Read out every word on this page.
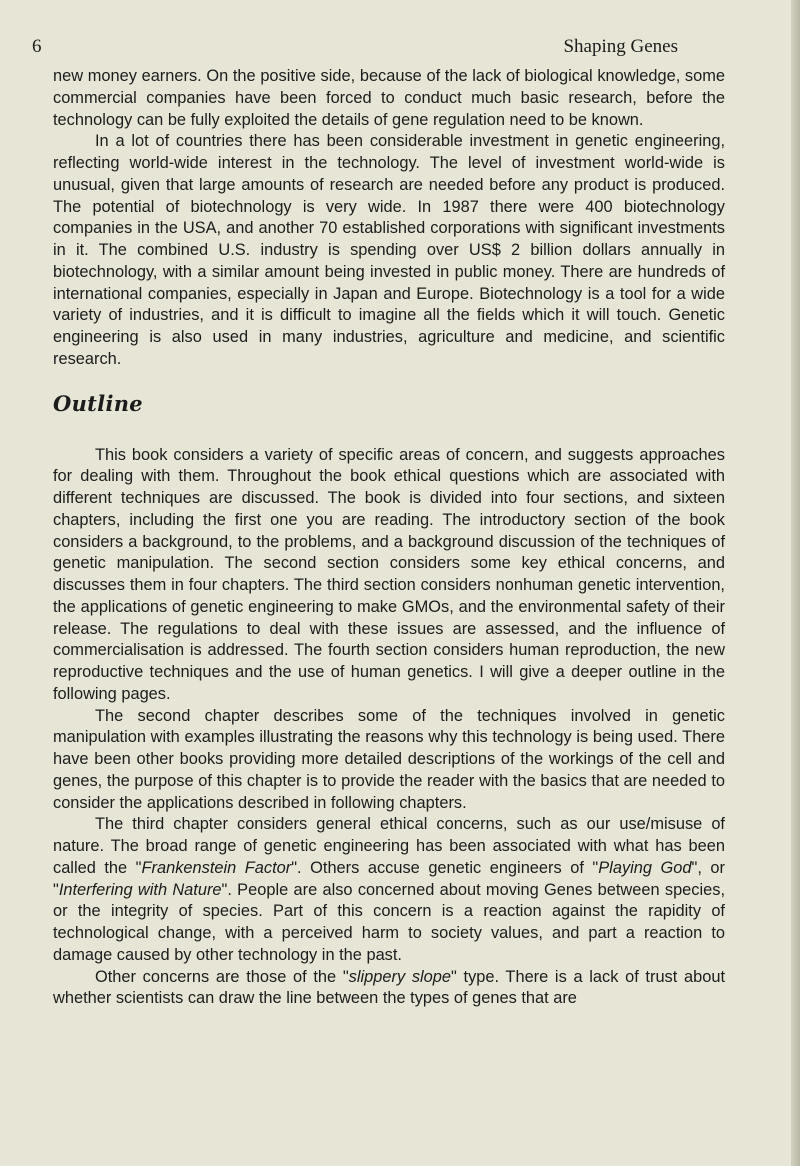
6	Shaping Genes

new money earners. On the positive side, because of the lack of biological knowledge, some commercial companies have been forced to conduct much basic research, before the technology can be fully exploited the details of gene regulation need to be known.

In a lot of countries there has been considerable investment in genetic engineering, reflecting world-wide interest in the technology. The level of investment world-wide is unusual, given that large amounts of research are needed before any product is produced. The potential of biotechnology is very wide. In 1987 there were 400 biotechnology companies in the USA, and another 70 established corporations with significant investments in it. The combined U.S. industry is spending over US$ 2 billion dollars annually in biotechnology, with a similar amount being invested in public money. There are hundreds of international companies, especially in Japan and Europe. Biotechnology is a tool for a wide variety of industries, and it is difficult to imagine all the fields which it will touch. Genetic engineering is also used in many industries, agriculture and medicine, and scientific research.

Outline

This book considers a variety of specific areas of concern, and suggests approaches for dealing with them. Throughout the book ethical questions which are associated with different techniques are discussed. The book is divided into four sections, and sixteen chapters, including the first one you are reading. The introductory section of the book considers a background, to the problems, and a background discussion of the techniques of genetic manipulation. The second section considers some key ethical concerns, and discusses them in four chapters. The third section considers nonhuman genetic intervention, the applications of genetic engineering to make GMOs, and the environmental safety of their release. The regulations to deal with these issues are assessed, and the influence of commercialisation is addressed. The fourth section considers human reproduction, the new reproductive techniques and the use of human genetics. I will give a deeper outline in the following pages.

The second chapter describes some of the techniques involved in genetic manipulation with examples illustrating the reasons why this technology is being used. There have been other books providing more detailed descriptions of the workings of the cell and genes, the purpose of this chapter is to provide the reader with the basics that are needed to consider the applications described in following chapters.

The third chapter considers general ethical concerns, such as our use/misuse of nature. The broad range of genetic engineering has been associated with what has been called the "Frankenstein Factor". Others accuse genetic engineers of "Playing God", or "Interfering with Nature". People are also concerned about moving Genes between species, or the integrity of species. Part of this concern is a reaction against the rapidity of technological change, with a perceived harm to society values, and part a reaction to damage caused by other technology in the past.

Other concerns are those of the "slippery slope" type. There is a lack of trust about whether scientists can draw the line between the types of genes that are
